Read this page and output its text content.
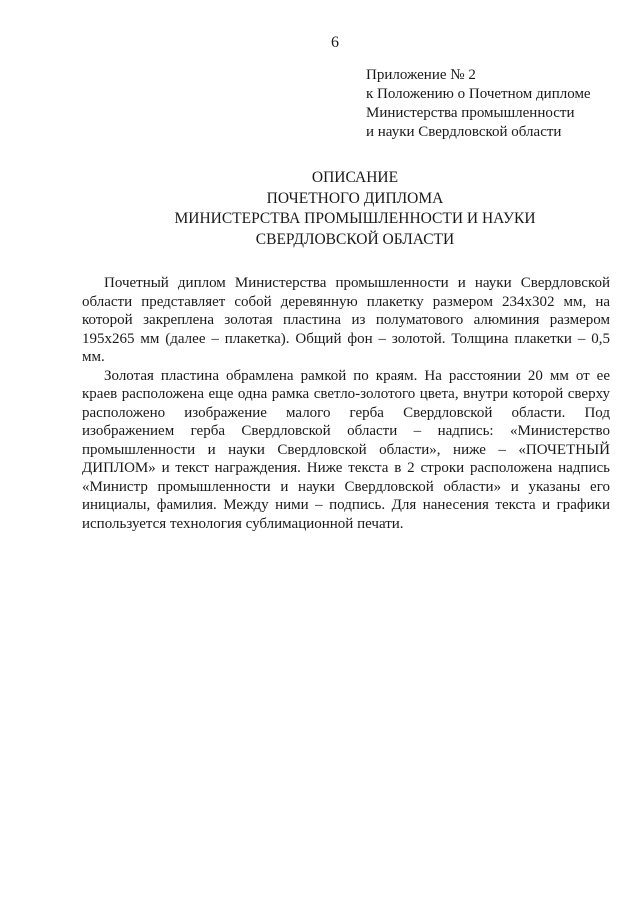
6
Приложение № 2
к Положению о Почетном дипломе
Министерства промышленности
и науки Свердловской области
ОПИСАНИЕ
ПОЧЕТНОГО ДИПЛОМА
МИНИСТЕРСТВА ПРОМЫШЛЕННОСТИ И НАУКИ
СВЕРДЛОВСКОЙ ОБЛАСТИ

Почетный диплом Министерства промышленности и науки Свердловской области представляет собой деревянную плакетку размером 234х302 мм, на которой закреплена золотая пластина из полуматового алюминия размером 195х265 мм (далее – плакетка). Общий фон – золотой. Толщина плакетки – 0,5 мм.

Золотая пластина обрамлена рамкой по краям. На расстоянии 20 мм от ее краев расположена еще одна рамка светло-золотого цвета, внутри которой сверху расположено изображение малого герба Свердловской области. Под изображением герба Свердловской области – надпись: «Министерство промышленности и науки Свердловской области», ниже – «ПОЧЕТНЫЙ ДИПЛОМ» и текст награждения. Ниже текста в 2 строки расположена надпись «Министр промышленности и науки Свердловской области» и указаны его инициалы, фамилия. Между ними – подпись. Для нанесения текста и графики используется технология сублимационной печати.
